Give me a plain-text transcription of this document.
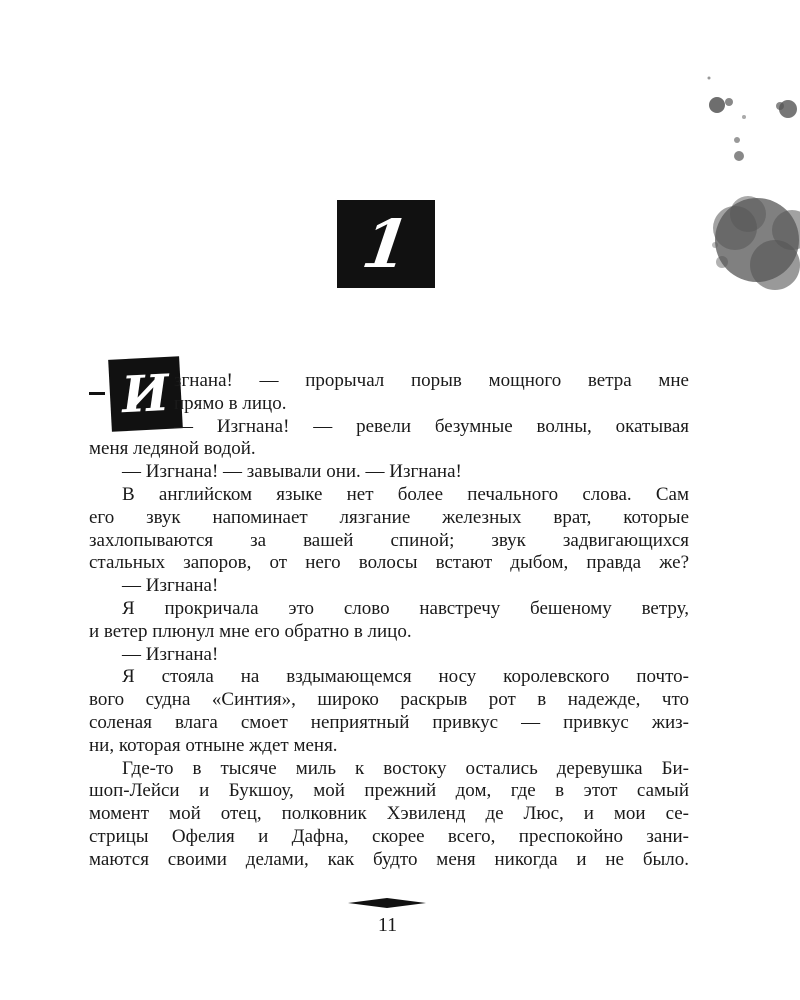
1
И згнана! — прорычал порыв мощного ветра мне
прямо в лицо.
— Изгнана! — ревели безумные волны, окатывая
меня ледяной водой.
— Изгнана! — завывали они. — Изгнана!
В английском языке нет более печального слова. Сам
его звук напоминает лязгание железных врат, которые
захлопываются за вашей спиной; звук задвигающихся
стальных запоров, от него волосы встают дыбом, правда же?
— Изгнана!
Я прокричала это слово навстречу бешеному ветру,
и ветер плюнул мне его обратно в лицо.
— Изгнана!
Я стояла на вздымающемся носу королевского почто-
вого судна «Синтия», широко раскрыв рот в надежде, что
соленая влага смоет неприятный привкус — привкус жиз-
ни, которая отныне ждет меня.
Где-то в тысяче миль к востоку остались деревушка Би-
шоп-Лейси и Букшоу, мой прежний дом, где в этот самый
момент мой отец, полковник Хэвиленд де Люс, и мои се-
стрицы Офелия и Дафна, скорее всего, преспокойно зани-
маются своими делами, как будто меня никогда и не было.
11
